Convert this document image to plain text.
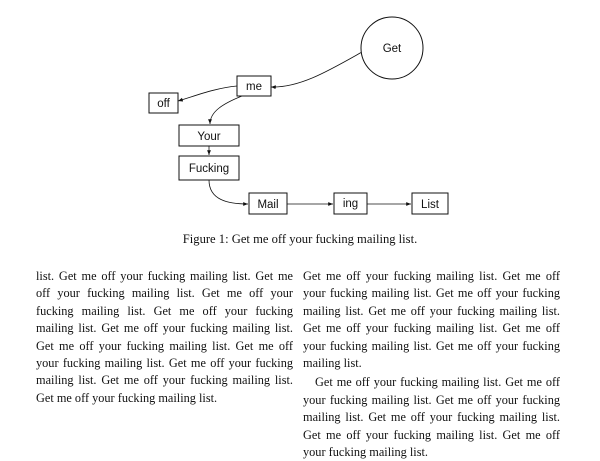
Get
me
off
Your
Fucking
Mail	ing	List
Figure 1: Get me off your fucking mailing list.

list. Get me off your fucking mailing list. Get me off your fucking mailing list. Get me off your fucking mailing list. Get me off your fucking mailing list. Get me off your fucking mailing list. Get me off your fucking mailing list. Get me off your fucking mailing list. Get me off your fucking mailing list. Get me off your fucking mailing list. Get me off your fucking mailing list.

Get me off your fucking mailing list. Get me off your fucking mailing list. Get me off your fucking mailing list. Get me off your fucking mailing list. Get me off your fucking mailing list. Get me off your fucking mailing list. Get me off your fucking mailing list.

Get me off your fucking mailing list. Get me off your fucking mailing list. Get me off your fucking mailing list. Get me off your fucking mailing list. Get me off your fucking mailing list. Get me off your fucking mailing list.
